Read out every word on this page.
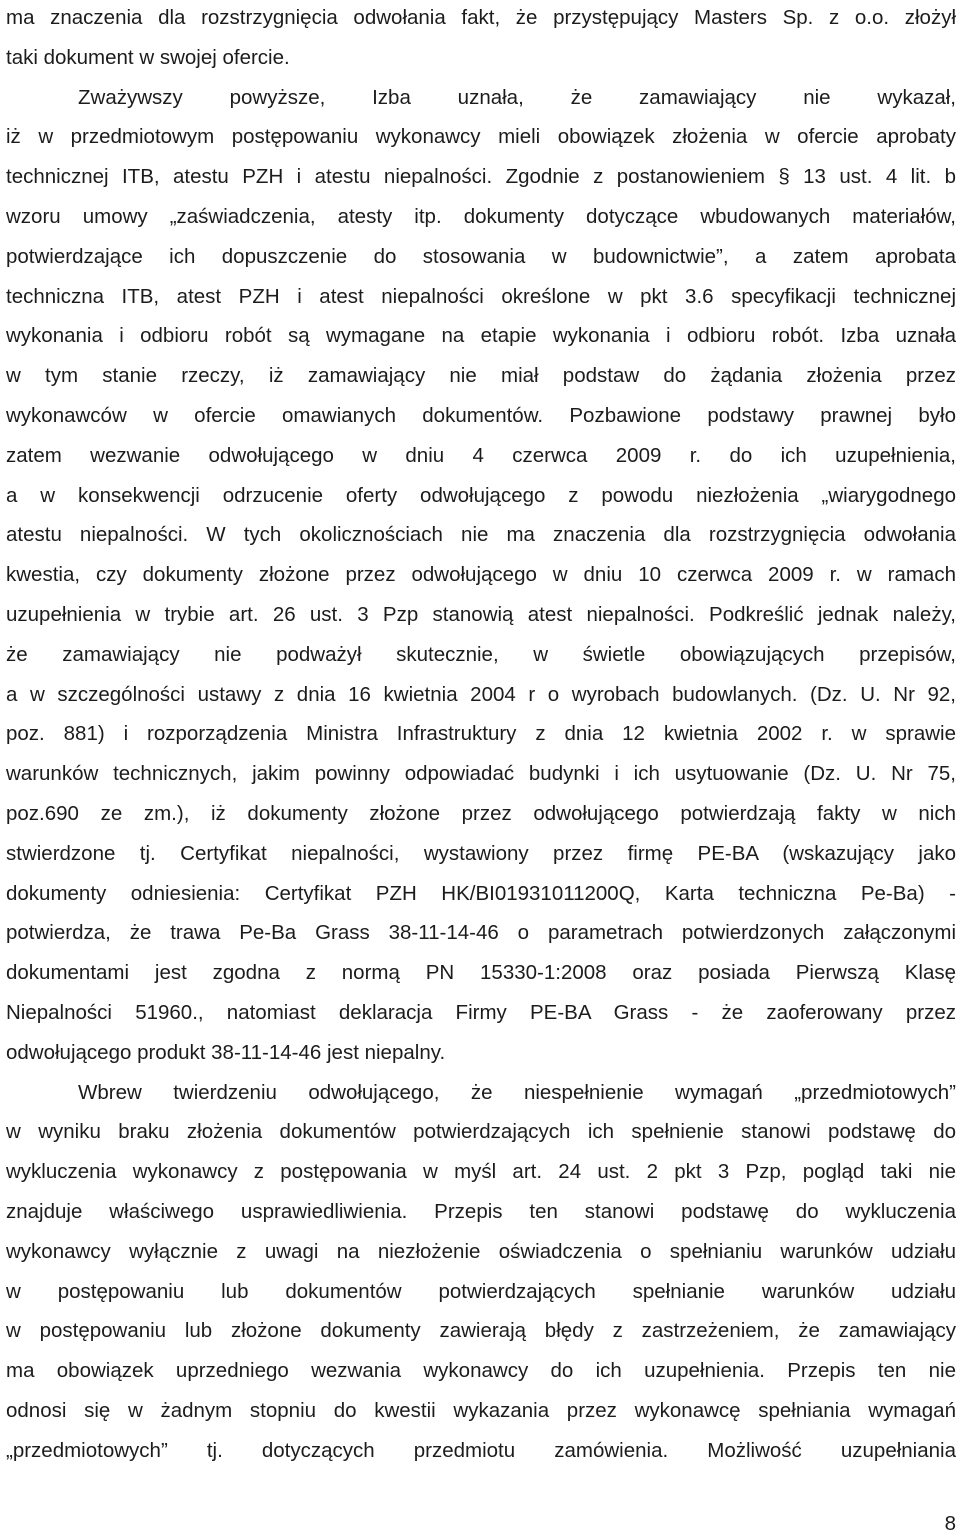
ma znaczenia dla rozstrzygnięcia odwołania fakt, że przystępujący Masters Sp. z o.o. złożył
taki dokument w swojej ofercie.
Zważywszy powyższe, Izba uznała, że zamawiający nie wykazał,
iż w przedmiotowym postępowaniu wykonawcy mieli obowiązek złożenia w ofercie aprobaty
technicznej ITB, atestu PZH i atestu niepalności. Zgodnie z postanowieniem § 13 ust. 4 lit. b
wzoru umowy „zaświadczenia, atesty itp. dokumenty dotyczące wbudowanych materiałów,
potwierdzające ich dopuszczenie do stosowania w budownictwie”, a zatem aprobata
techniczna ITB, atest PZH i atest niepalności określone w pkt 3.6 specyfikacji technicznej
wykonania i odbioru robót są wymagane na etapie wykonania i odbioru robót. Izba uznała
w tym stanie rzeczy, iż zamawiający nie miał podstaw do żądania złożenia przez
wykonawców w ofercie omawianych dokumentów. Pozbawione podstawy prawnej było
zatem wezwanie odwołującego w dniu 4 czerwca 2009 r. do ich uzupełnienia,
a w konsekwencji odrzucenie oferty odwołującego z powodu niezłożenia „wiarygodnego
atestu niepalności. W tych okolicznościach nie ma znaczenia dla rozstrzygnięcia odwołania
kwestia, czy dokumenty złożone przez odwołującego w dniu 10 czerwca 2009 r. w ramach
uzupełnienia w trybie art. 26 ust. 3 Pzp stanowią atest niepalności. Podkreślić jednak należy,
że zamawiający nie podważył skutecznie, w świetle obowiązujących przepisów,
a w szczególności ustawy z dnia 16 kwietnia 2004 r o wyrobach budowlanych. (Dz. U. Nr 92,
poz. 881) i rozporządzenia Ministra Infrastruktury z dnia 12 kwietnia 2002 r. w sprawie
warunków technicznych, jakim powinny odpowiadać budynki i ich usytuowanie (Dz. U. Nr 75,
poz.690 ze zm.), iż dokumenty złożone przez odwołującego potwierdzają fakty w nich
stwierdzone tj. Certyfikat niepalności, wystawiony przez firmę PE-BA (wskazujący jako
dokumenty odniesienia: Certyfikat PZH HK/BI01931011200Q, Karta techniczna Pe-Ba) -
potwierdza, że trawa Pe-Ba Grass 38-11-14-46 o parametrach potwierdzonych załączonymi
dokumentami jest zgodna z normą PN 15330-1:2008 oraz posiada Pierwszą Klasę
Niepalności 51960., natomiast deklaracja Firmy PE-BA Grass - że zaoferowany przez
odwołującego produkt 38-11-14-46 jest niepalny.
Wbrew twierdzeniu odwołującego, że niespełnienie wymagań „przedmiotowych”
w wyniku braku złożenia dokumentów potwierdzających ich spełnienie stanowi podstawę do
wykluczenia wykonawcy z postępowania w myśl art. 24 ust. 2 pkt 3 Pzp, pogląd taki nie
znajduje właściwego usprawiedliwienia. Przepis ten stanowi podstawę do wykluczenia
wykonawcy wyłącznie z uwagi na niezłożenie oświadczenia o spełnianiu warunków udziału
w postępowaniu lub dokumentów potwierdzających spełnianie warunków udziału
w postępowaniu lub złożone dokumenty zawierają błędy z zastrzeżeniem, że zamawiający
ma obowiązek uprzedniego wezwania wykonawcy do ich uzupełnienia. Przepis ten nie
odnosi się w żadnym stopniu do kwestii wykazania przez wykonawcę spełniania wymagań
„przedmiotowych” tj. dotyczących przedmiotu zamówienia. Możliwość uzupełniania
8
